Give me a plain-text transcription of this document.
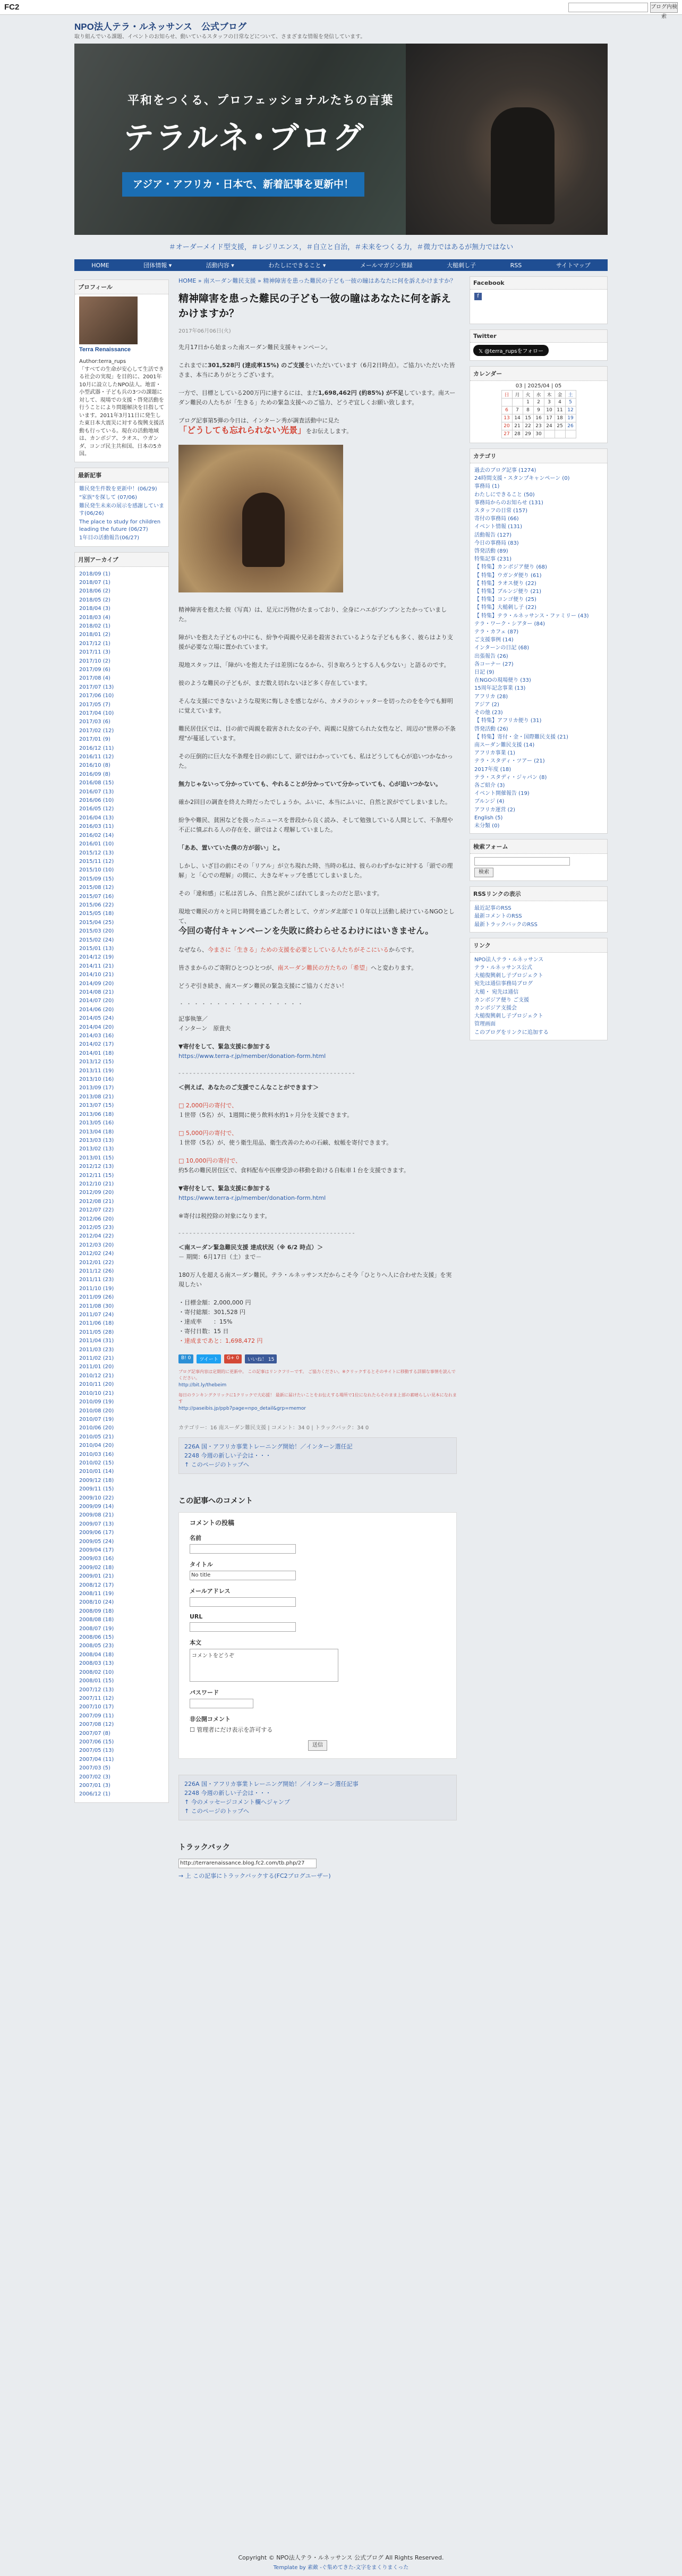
FC2	ブログ内検索
NPO法人テラ・ルネッサンス　公式ブログ
取り組んでいる課題、イベントのお知らせ、動いているスタッフの日常などについて、さまざまな情報を発信しています。
平和をつくる、プロフェッショナルたちの言葉
テラルネ･ブログ
アジア・アフリカ・日本で、新着記事を更新中！
＃オーダーメイド型支援，＃レジリエンス，＃自立と自治，＃未来をつくる力，＃微力ではあるが無力ではない
HOME	団体情報 ▾	活動内容 ▾	わたしにできること ▾	メールマガジン登録	大槌刺し子	RSS	サイトマップ
プロフィール
Terra Renaissance
Author:terra_rups
「すべての生命が安心して生活できる社会の実現」を目的に、2001年10月に設立したNPO法人。地雷・小型武器・子ども兵の3つの課題に対して、現場での支援・啓発活動を行うことにより問題解決を目指しています。2011年3月11日に発生した東日本大震災に対する復興支援活動も行っている。現在の活動地域は、カンボジア、ラオス、ウガンダ、コンゴ民主共和国、日本の5カ国。
最新記事
難民発生件数を更新中！(06/29)
"家族"を探して (07/06)
難民発生未来の展示を感謝しています(06/26)
The place to study for children leading the future (06/27)
1年目の活動報告(06/27)
月別アーカイブ
2018/09 (1)
2018/07 (1)
2018/06 (2)
2018/05 (2)
2018/04 (3)
2018/03 (4)
2018/02 (1)
2018/01 (2)
2017/12 (1)
2017/11 (3)
2017/10 (2)
2017/09 (6)
2017/08 (4)
2017/07 (13)
2017/06 (10)
2017/05 (7)
2017/04 (10)
2017/03 (6)
2017/02 (12)
2017/01 (9)
2016/12 (11)
2016/11 (12)
2016/10 (8)
2016/09 (8)
2016/08 (15)
2016/07 (13)
2016/06 (10)
2016/05 (12)
2016/04 (13)
2016/03 (11)
2016/02 (14)
2016/01 (10)
2015/12 (13)
2015/11 (12)
2015/10 (10)
2015/09 (15)
2015/08 (12)
2015/07 (16)
2015/06 (22)
2015/05 (18)
2015/04 (25)
2015/03 (20)
2015/02 (24)
2015/01 (13)
2014/12 (19)
2014/11 (21)
2014/10 (21)
2014/09 (20)
2014/08 (21)
2014/07 (20)
2014/06 (20)
2014/05 (24)
2014/04 (20)
2014/03 (16)
2014/02 (17)
2014/01 (18)
2013/12 (15)
2013/11 (19)
2013/10 (16)
2013/09 (17)
2013/08 (21)
2013/07 (15)
2013/06 (18)
2013/05 (16)
2013/04 (18)
2013/03 (13)
2013/02 (13)
2013/01 (15)
2012/12 (13)
2012/11 (15)
2012/10 (21)
2012/09 (20)
2012/08 (21)
2012/07 (22)
2012/06 (20)
2012/05 (23)
2012/04 (22)
2012/03 (20)
2012/02 (24)
2012/01 (22)
2011/12 (26)
2011/11 (23)
2011/10 (19)
2011/09 (26)
2011/08 (30)
2011/07 (24)
2011/06 (18)
2011/05 (28)
2011/04 (31)
2011/03 (23)
2011/02 (21)
2011/01 (20)
2010/12 (21)
2010/11 (20)
2010/10 (21)
2010/09 (19)
2010/08 (20)
2010/07 (19)
2010/06 (20)
2010/05 (21)
2010/04 (20)
2010/03 (16)
2010/02 (15)
2010/01 (14)
2009/12 (18)
2009/11 (15)
2009/10 (22)
2009/09 (14)
2009/08 (21)
2009/07 (13)
2009/06 (17)
2009/05 (24)
2009/04 (17)
2009/03 (16)
2009/02 (18)
2009/01 (21)
2008/12 (17)
2008/11 (19)
2008/10 (24)
2008/09 (18)
2008/08 (18)
2008/07 (19)
2008/06 (15)
2008/05 (23)
2008/04 (18)
2008/03 (13)
2008/02 (10)
2008/01 (15)
2007/12 (13)
2007/11 (12)
2007/10 (17)
2007/09 (11)
2007/08 (12)
2007/07 (8)
2007/06 (15)
2007/05 (13)
2007/04 (11)
2007/03 (5)
2007/02 (3)
2007/01 (3)
2006/12 (1)
HOME » 南スーダン難民支援 » 精神障害を患った難民の子ども一彼の瞳はあなたに何を訴えかけますか？
精神障害を患った難民の子ども一彼の瞳はあなたに何を訴えかけますか？
2017年06月06日(火)

先月17日から始まった南スーダン難民支援キャンペーン。

これまでに301,528円 (達成率15%) のご支援をいただいています（6月2日時点）。ご協力いただいた皆さま、本当にありがとうございます。

一方で、目標としている200万円に達するには、まだ1,698,462円 (約85%) が不足しています。南スーダン難民の人たちが「生きる」ための緊急支援へのご協力、どうぞ宜しくお願い致します。

ブログ記事第5弾の今日は、インターン秀が調査活動中に見た
「どうしても忘れられない光景」をお伝えします。

精神障害を抱えた彼（写真）は、足元に汚物がたまっており、全身にハエがブンブンとたかっていました。

障がいを抱えた子どもの中にも、紛争や両親や兄弟を殺害されているような子どもも多く、彼らはより支援が必要な立場に置かれています。

現地スタッフは、「障がいを抱えた子は差別になるから、引き取ろうとする人も少ない」と語るのです。

彼のような難民の子どもが、まだ数え切れないほど多く存在しています。

そんな支援にできないような現実に悔しさを感じながら、カメラのシャッターを切ったのをを今でも鮮明に覚えています。

難民居住区では、目の前で両親を殺害された女の子や、両親に見捨てられた女性など、周辺の"世界の不条理"が蔓延しています。

その圧倒的に巨大な不条理を目の前にして、頭ではわかっていても、私はどうしても心が追いつかなかった。

無力じゃないって分かっていても、やれることが分かっていて分かっていても、心が追いつかない。

確か2回目の調査を終えた時だったでしょうか。ふいに、本当にふいに、自然と涙がでてしまいました。

紛争や難民、貧困などを扱ったニュースを普段から良く読み、そして勉強している人間として、不条理や不正に憤ぶれる人の存在を、頭ではよく理解していました。

「ああ、置いていた僕の方が弱い」と。

しかし、いざ目の前にその「リアル」が立ち現れた時、当時の私は、彼らのわずかなに対する「頭での理解」と「心での理解」の間に、大きなギャップを感じてしまいました。

その「違和感」に私は苦しみ、自然と涙がこぼれてしまったのだと思います。

現地で難民の方々と同じ時間を過ごした者として、ウガンダ北部で１０年以上活動し続けているNGOとして、
今回の寄付キャンペーンを失敗に終わらせるわけにはいきません。

なぜなら、今まさに「生きる」ための支援を必要としている人たちがそこにいるからです。

皆さまからのご寄附ひとつひとつが、南スーダン難民の方たちの「希望」へと変わります。

どうぞ引き続き、南スーダン難民の緊急支援にご協力ください！

・・・・・・・・・・・・・・・・・

記事執筆／
インターン　原貴夫

▼寄付をして、緊急支援に参加する
https://www.terra-r.jp/member/donation-form.html

------------------------------------------------

＜例えば、あなたのご支援でこんなことができます＞

□ 2,000円の寄付で、
１世帯（5名）が、1週間に使う飲料水約1ヶ月分を支援できます。

□ 5,000円の寄付で、
１世帯（5名）が、使う衛生用品、衛生改善のための石鹸、蚊帳を寄付できます。

□ 10,000円の寄付で、
約5名の難民居住区で、食料配布や医療受診の移動を助ける自転車１台を支援できます。

▼寄付をして、緊急支援に参加する
https://www.terra-r.jp/member/donation-form.html

※寄付は税控除の対象になります。

------------------------------------------------

＜南スーダン緊急難民支援 達成状況（※ 6/2 時点）＞
－ 期間：6月17日（土）まで－

180万人を超える南スーダン難民。テラ・ルネッサンスだからこそ今「ひとりへ人に合わせた支援」を実現したい

・目標金額：2,000,000 円
・寄付総額：301,528 円
・達成率　　：15%
・寄付日数：15 日
・達成まであと：1,698,472 円

B! 0	ツイート	G+ 0	いいね！ 15
ブログ記事内容は定期的に更新中。 この記事はリンクフリーです。 ご協力ください。※クリックするとそのサイトに移動する詳細な事情を読んでください。
http://bit.ly/thebeim
毎日のランキングクリックに1クリックで大応援！ 最新に届けたいことをお伝えする場所で1位になれたらそのまま上部の素晴らしい見本になれます
http://paseibis.jp/ppb7page=npo_detail&grp=memor
カテゴリー：16 南スーダン難民支援 | コメント：34 0 | トラックバック：34 0
226A 国・アフリカ事業トレーニング開始！／インターン選任記
2248 今週の新しい子会は・・・
↑ このページのトップへ
この記事へのコメント
コメントの投稿
名前
タイトル
No title
メールアドレス
URL
本文
コメントをどうぞ
パスワード
非公開コメント
☐ 管理者にだけ表示を許可する
送信
226A 国・アフリカ事業トレーニング開始！／インターン選任記事
2248 今週の新しい子会は・・・
↑ 今のメッセージコメント欄へジャンプ
↑ このページのトップへ
トラックバック
http://terrarenaissance.blog.fc2.com/tb.php/27
→ 上 この記事にトラックバックする(FC2ブログユーザー)
Facebook
f
Twitter
𝕏 @terra_rupsをフォロー
カレンダー
03 | 2025/04 | 05
日	月	火	水	木	金	土
		1	2	3	4	5
6	7	8	9	10	11	12
13	14	15	16	17	18	19
20	21	22	23	24	25	26
27	28	29	30			
カテゴリ
過去のブログ記事 (1274)
24時間支援・スタンプキャンペーン (0)
事務局 (1)
わたしにできること (50)
事務局からのお知らせ (131)
スタッフの日常 (157)
寄付の事務局 (66)
イベント情報 (131)
活動報告 (127)
今日の事務局 (83)
啓発活動 (89)
特集記事 (231)
【 特集】カンボジア便り (68)
【 特集】ウガンダ便り (61)
【 特集】ラオス便り (22)
【 特集】ブルンジ便り (21)
【 特集】コンゴ便り (25)
【 特集】大槌刺し子 (22)
【 特集】テラ・ルネッサンス・ファミリー (43)
テラ・ワーク・シアター (84)
テラ・カフェ (87)
ご支援事例 (14)
インターンの日記 (68)
出張報告 (26)
各コーナー (27)
日記 (9)
在NGOの現場便り (33)
15周年記念事業 (13)
アフリカ (28)
アジア (2)
その他 (23)
【 特集】アフリカ便り (31)
啓発活動 (26)
【 特集】寄付・金・国際難民支援 (21)
南スーダン難民支援 (14)
アフリカ事業 (1)
テラ・スタディ・ツアー (21)
2017年度 (18)
テラ・スタディ・ジャパン (8)
各ご紹介 (3)
イベント開催報告 (19)
ブルンジ (4)
アフリカ運営 (2)
English (5)
未分類 (0)
検索フォーム
検索
RSSリンクの表示
最近記事のRSS
最新コメントのRSS
最新トラックバックのRSS
リンク
NPO法人テラ・ルネッサンス
テラ・ルネッサンス公式
大槌復興刺し子プロジェクト
宛先は通信事務局ブログ
大槌・ 宛先は通信
カンボジア便り ご支援
カンボジア支援会
大槌復興刺し子プロジェクト
管理画面
このブログをリンクに追加する
Copyright © NPO法人テラ・ルネッサンス 公式ブログ All Rights Reserved.
Template by 素敵 -ぐ集めてきた-文字をまくりまくった
